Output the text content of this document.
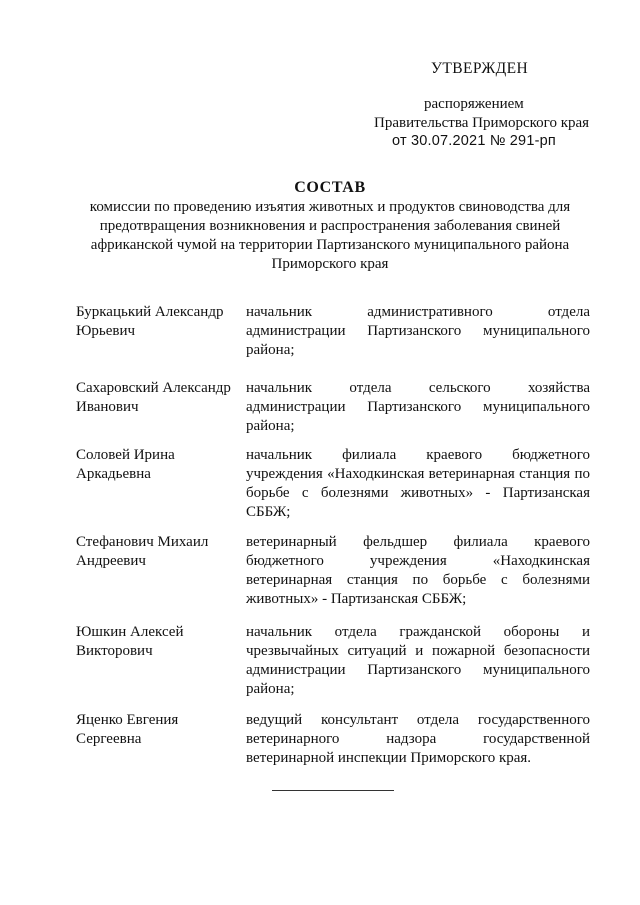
УТВЕРЖДЕН
распоряжением
Правительства Приморского края
от 30.07.2021 № 291-рп
СОСТАВ
комиссии по проведению изъятия животных и продуктов свиноводства для предотвращения возникновения и распространения заболевания свиней африканской чумой на территории Партизанского муниципального района Приморского края
Буркацький Александр
Юрьевич
начальник административного отдела администрации Партизанского муниципального района;
Сахаровский Александр
Иванович
начальник отдела сельского хозяйства администрации Партизанского муниципального района;
Соловей Ирина
Аркадьевна
начальник филиала краевого бюджетного учреждения «Находкинская ветеринарная станция по борьбе с болезнями животных» - Партизанская СББЖ;
Стефанович Михаил
Андреевич
ветеринарный фельдшер филиала краевого бюджетного учреждения «Находкинская ветеринарная станция по борьбе с болезнями животных» - Партизанская СББЖ;
Юшкин Алексей
Викторович
начальник отдела гражданской обороны и чрезвычайных ситуаций и пожарной безопасности администрации Партизанского муниципального района;
Яценко Евгения
Сергеевна
ведущий консультант отдела государственного ветеринарного надзора государственной ветеринарной инспекции Приморского края.
